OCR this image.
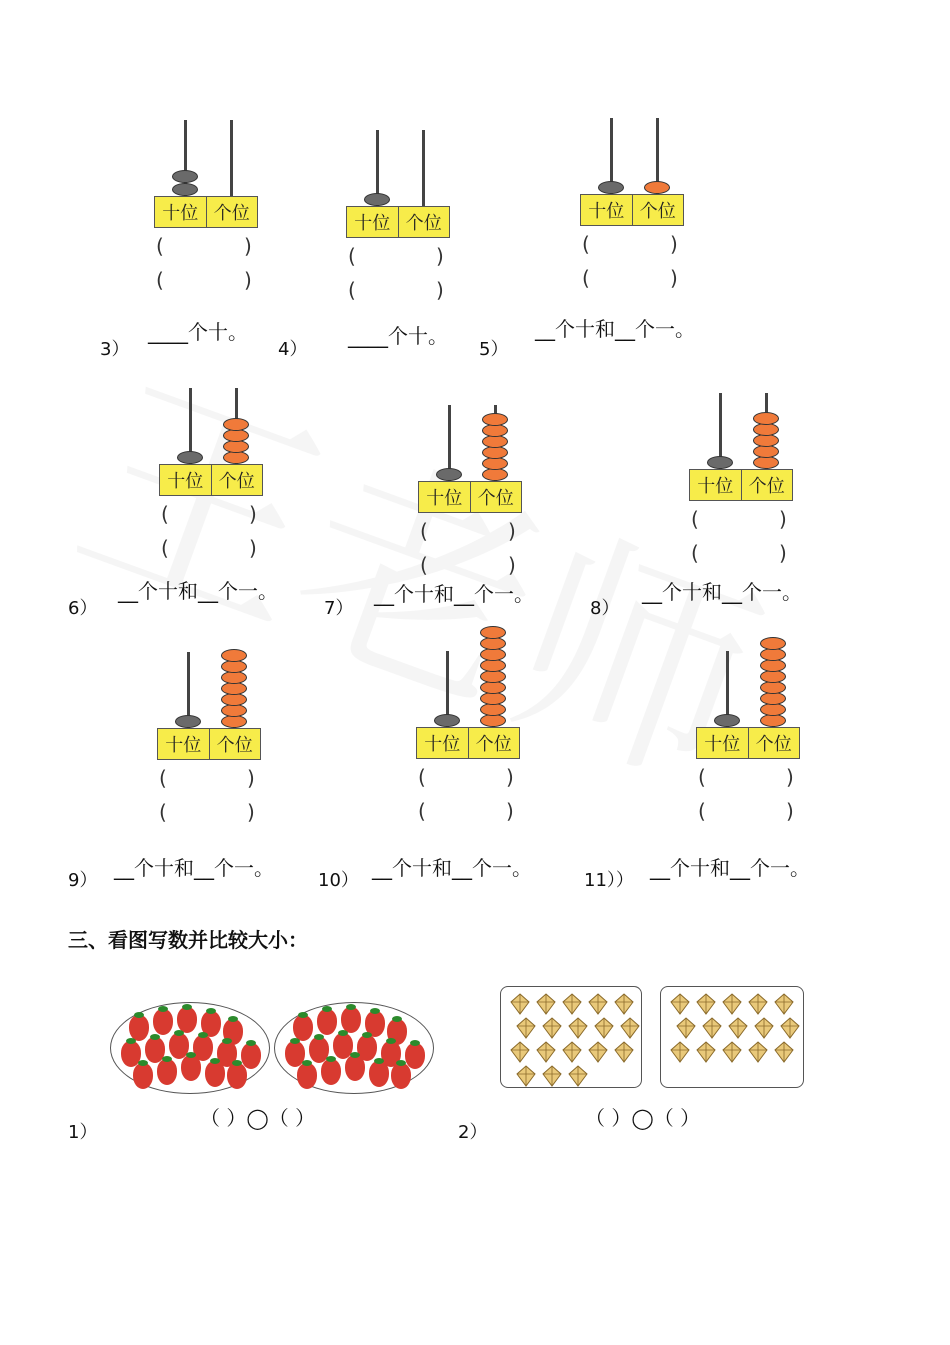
十位 个位
(	)
(	)
十位 个位
(	)
(	)
十位 个位
(	)
(	)
十位 个位
(	)
(	)
十位 个位
(	)
(	)
十位 个位
(	)
(	)
十位 个位
(	)
(	)
十位 个位
(	)
(	)
十位 个位
(	)
(	)
3）
____个十。
4）
____个十。
5）
__个十和__个一。
6）
__个十和__个一。
7）
__个十和__个一。
8）
__个十和__个一。
9）
__个十和__个一。
10）
__个十和__个一。
11））
__个十和__个一。
三、看图写数并比较大小：
1）
（ ）◯（ ）
2）
（ ）◯（ ）
